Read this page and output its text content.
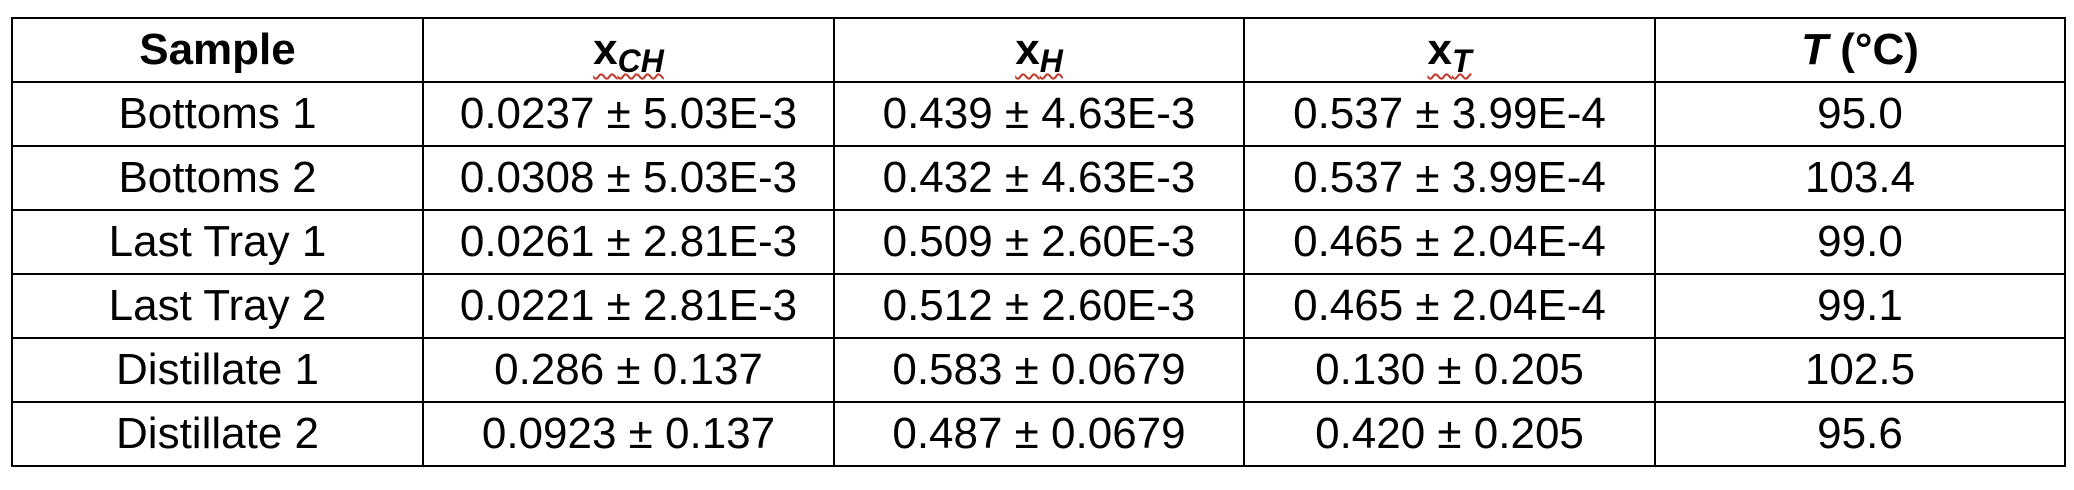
Sample	$x_{CH}$	$x_H$	$x_T$	T (°C)
Bottoms 1	0.0237 ± 5.03E-3	0.439 ± 4.63E-3	0.537 ± 3.99E-4	95.0
Bottoms 2	0.0308 ± 5.03E-3	0.432 ± 4.63E-3	0.537 ± 3.99E-4	103.4
Last Tray 1	0.0261 ± 2.81E-3	0.509 ± 2.60E-3	0.465 ± 2.04E-4	99.0
Last Tray 2	0.0221 ± 2.81E-3	0.512 ± 2.60E-3	0.465 ± 2.04E-4	99.1
Distillate 1	0.286 ± 0.137	0.583 ± 0.0679	0.130 ± 0.205	102.5
Distillate 2	0.0923 ± 0.137	0.487 ± 0.0679	0.420 ± 0.205	95.6
